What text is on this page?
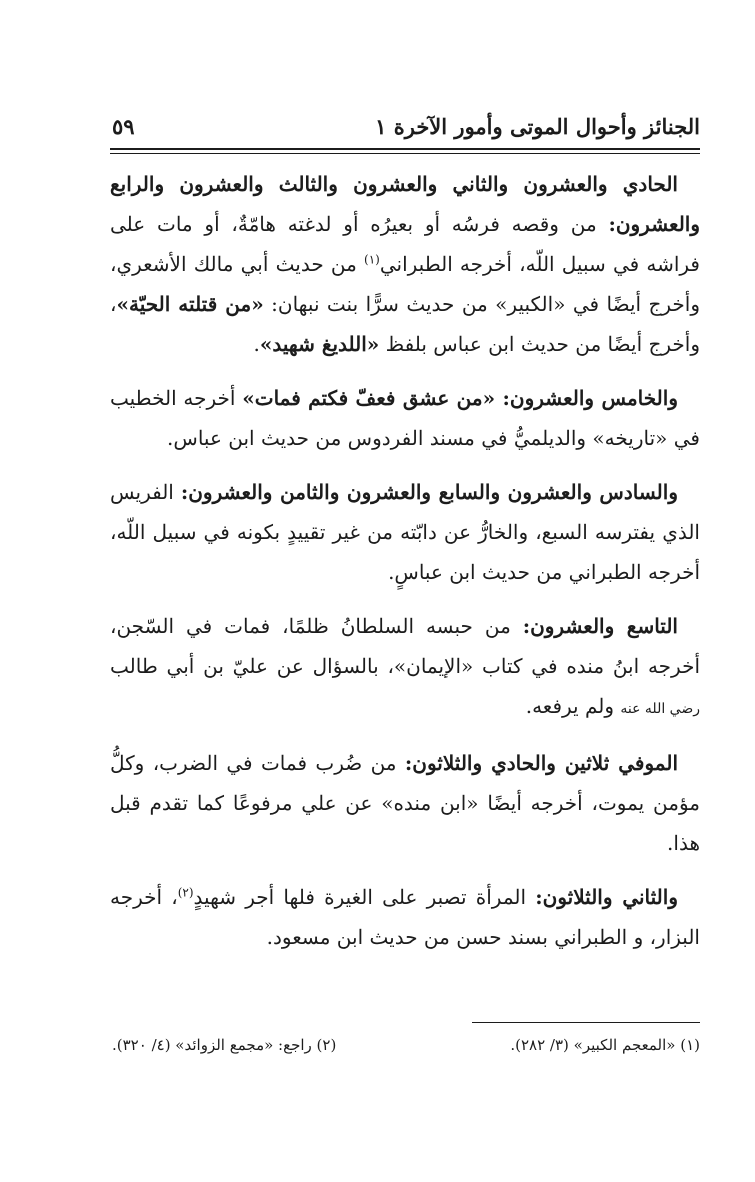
الجنائز وأحوال الموتى وأمور الآخرة ١
٥٩

الحادي والعشرون والثاني والعشرون والثالث والعشرون والرابع والعشرون: من وقصه فرسُه أو بعيرُه أو لدغته هامّةٌ، أو مات على فراشه في سبيل اللّه، أخرجه الطبراني$^{(١)}$ من حديث أبي مالك الأشعري، وأخرج أيضًا في «الكبير» من حديث سرًّا بنت نبهان: «من قتلته الحيّة»، وأخرج أيضًا من حديث ابن عباس بلفظ «اللديغ شهيد».

والخامس والعشرون: «من عشق فعفّ فكتم فمات» أخرجه الخطيب في «تاريخه» والديلميُّ في مسند الفردوس من حديث ابن عباس.

والسادس والعشرون والسابع والعشرون والثامن والعشرون: الفريس الذي يفترسه السبع، والخارُّ عن دابّته من غير تقييدٍ بكونه في سبيل اللّه، أخرجه الطبراني من حديث ابن عباسٍ.

التاسع والعشرون: من حبسه السلطانُ ظلمًا، فمات في السّجن، أخرجه ابنُ منده في كتاب «الإيمان»، بالسؤال عن عليّ بن أبي طالب رضي الله عنه ولم يرفعه.

الموفي ثلاثين والحادي والثلاثون: من ضُرب فمات في الضرب، وكلُّ مؤمن يموت، أخرجه أيضًا «ابن منده» عن علي مرفوعًا كما تقدم قبل هذا.

والثاني والثلاثون: المرأة تصبر على الغيرة فلها أجر شهيدٍ$^{(٢)}$، أخرجه البزار، و الطبراني بسند حسن من حديث ابن مسعود.

(١) «المعجم الكبير» (٣/ ٢٨٢).
(٢) راجع: «مجمع الزوائد» (٤/ ٣٢٠).
